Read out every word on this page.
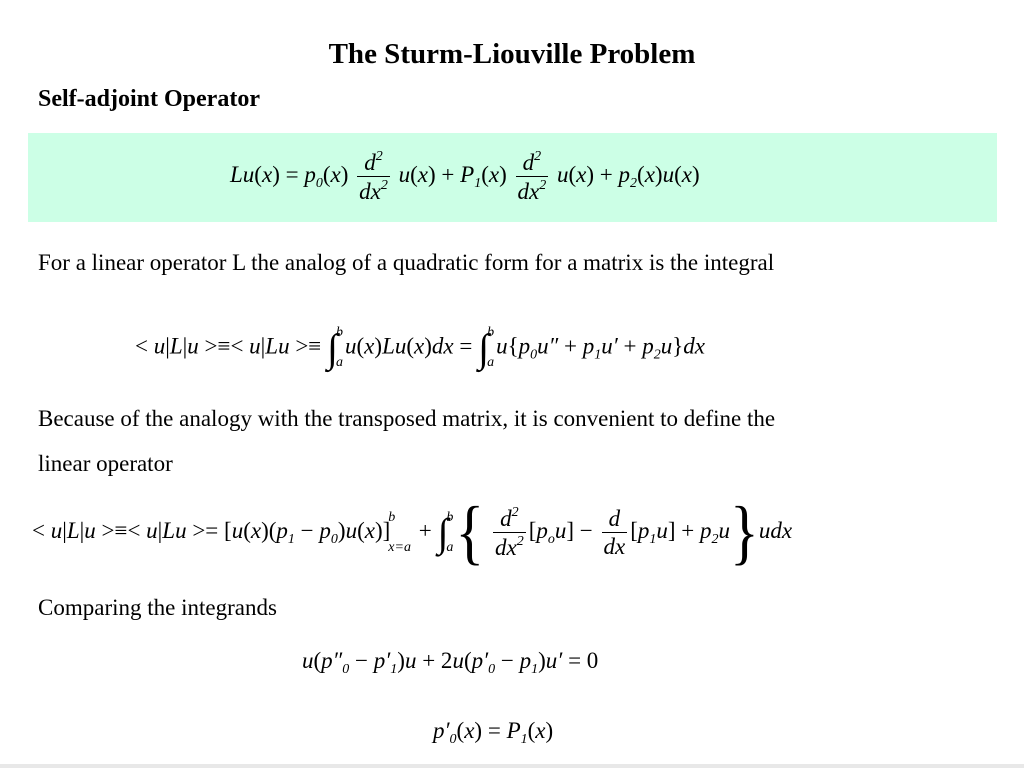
The Sturm-Liouville Problem
Self-adjoint Operator
$Lu(x) = p_0(x) \frac{d^2}{dx^2} u(x) + P_1(x) \frac{d^2}{dx^2} u(x) + p_2(x)u(x)$
For a linear operator L the analog of a quadratic form for a matrix is the integral
< u|L|u >≡< u|Lu >≡ ∫
b
a
u(x)Lu(x)dx = ∫
b
a
$u\{p_0u'' + p_1u' + p_2u\}dx$
Because of the analogy with the transposed matrix, it is convenient to define the
linear operator
< u|L|u >≡< $u|Lu >= [u(x)(p_1 - p_0)u(x)]$
b
x=a
+ ∫
b
a { $\frac{d^2}{dx^2} [p_ou] - \frac{d}{dx} [p_1u] + p_2u\}udx$
Comparing the integrands
$u(p''_0 - p'_1)u + 2u(p'_0 - p_1)u' = 0$
$p'_0(x) = P_1(x)$
